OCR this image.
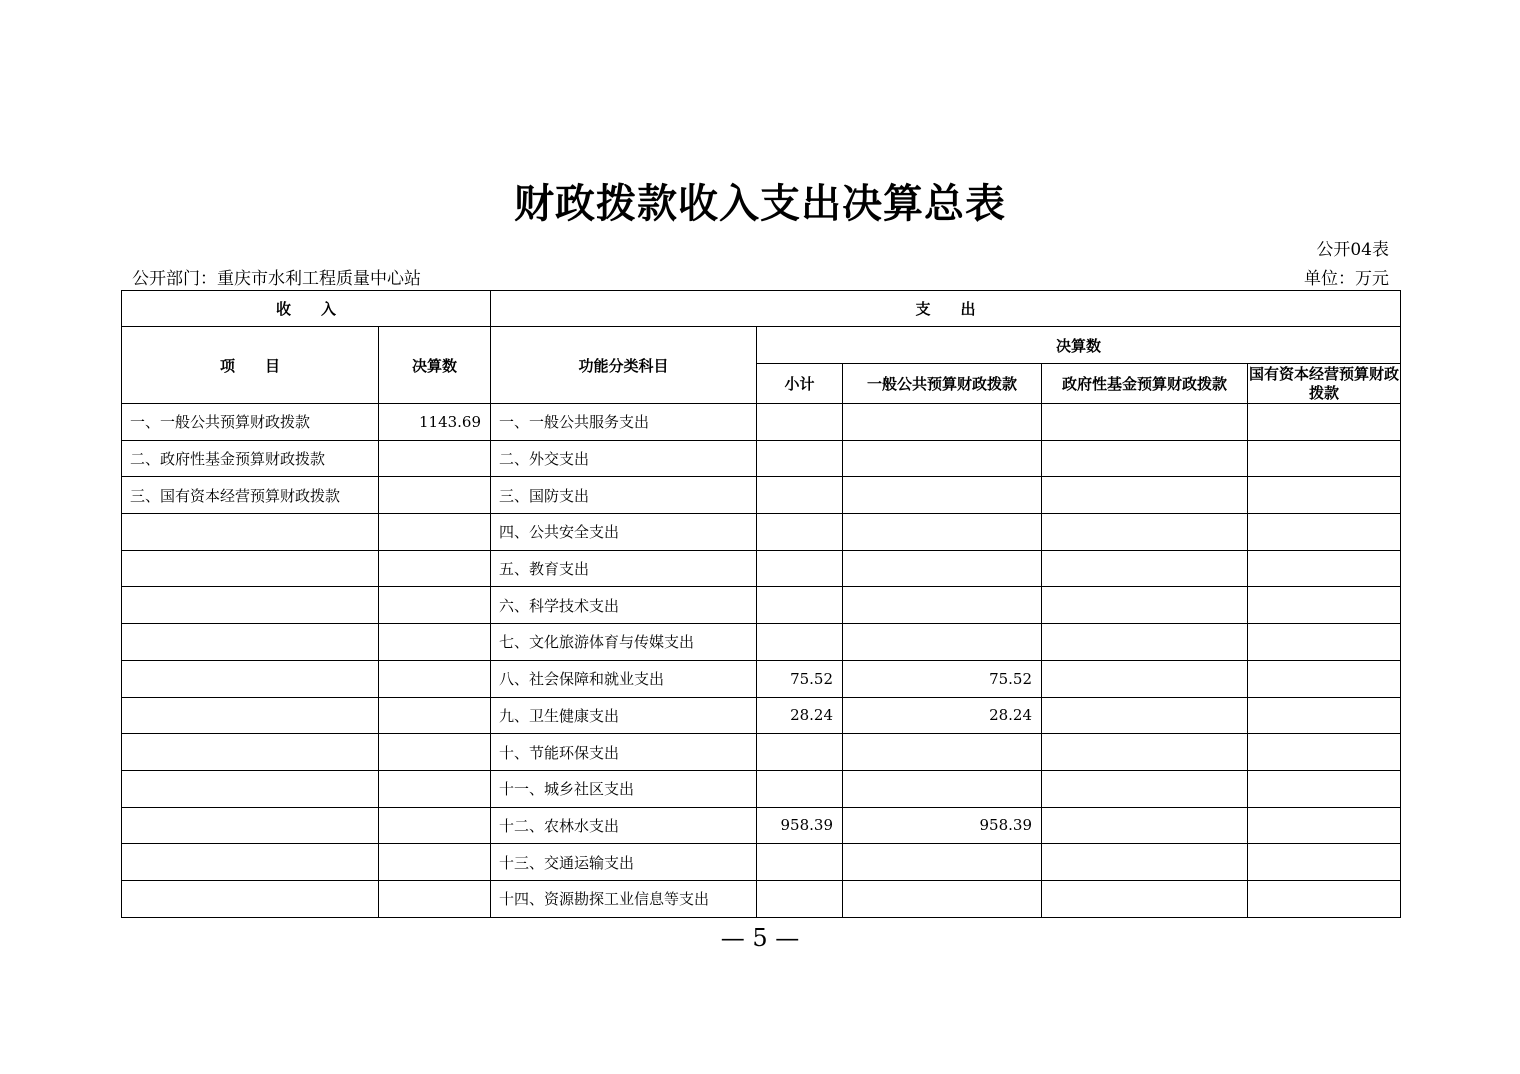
财政拨款收入支出决算总表
公开04表
公开部门：重庆市水利工程质量中心站	单位：万元
收　　入		支　　出				
项　　目	决算数	功能分类科目	决算数			
			小计	一般公共预算财政拨款	政府性基金预算财政拨款	国有资本经营预算财政拨款
一、一般公共预算财政拨款	1143.69	一、一般公共服务支出				
二、政府性基金预算财政拨款		二、外交支出				
三、国有资本经营预算财政拨款		三、国防支出				
		四、公共安全支出				
		五、教育支出				
		六、科学技术支出				
		七、文化旅游体育与传媒支出				
		八、社会保障和就业支出	75.52	75.52		
		九、卫生健康支出	28.24	28.24		
		十、节能环保支出				
		十一、城乡社区支出				
		十二、农林水支出	958.39	958.39		
		十三、交通运输支出				
		十四、资源勘探工业信息等支出				
— 5 —
